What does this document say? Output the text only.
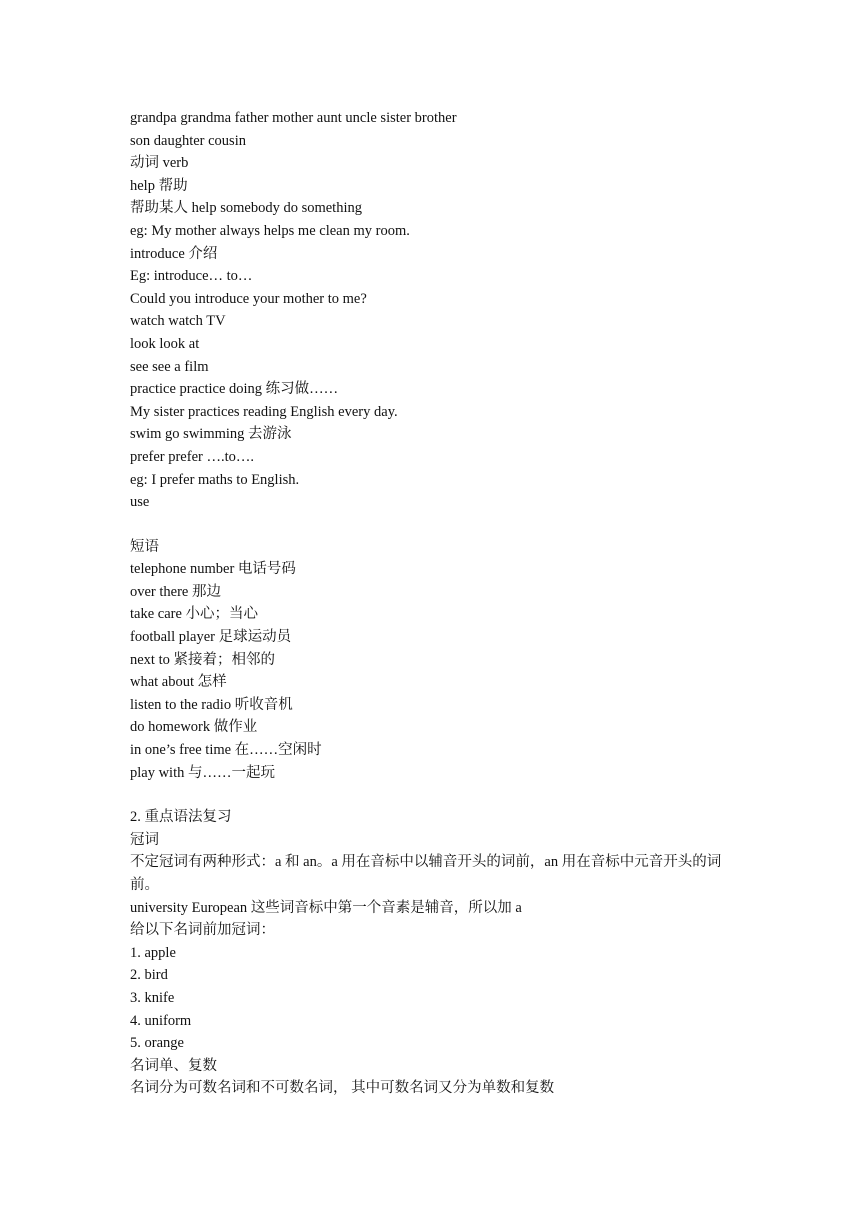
grandpa grandma father mother aunt uncle sister brother
son daughter cousin
动词 verb
help 帮助
帮助某人 help somebody do something
eg: My mother always helps me clean my room.
introduce 介绍
Eg: introduce… to…
Could you introduce your mother to me?
watch watch TV
look look at
see see a film
practice practice doing 练习做……
My sister practices reading English every day.
swim go swimming 去游泳
prefer prefer ….to….
eg: I prefer maths to English.
use
短语
telephone number 电话号码
over there 那边
take care 小心；当心
football player 足球运动员
next to 紧接着；相邻的
what about 怎样
listen to the radio 听收音机
do homework 做作业
in one’s free time 在……空闲时
play with 与……一起玩
2. 重点语法复习
冠词
不定冠词有两种形式：a 和 an。a 用在音标中以辅音开头的词前，an 用在音标中元音开头的词前。
university European 这些词音标中第一个音素是辅音，所以加 a
给以下名词前加冠词：
1. apple
2. bird
3. knife
4. uniform
5. orange
名词单、复数
名词分为可数名词和不可数名词， 其中可数名词又分为单数和复数
